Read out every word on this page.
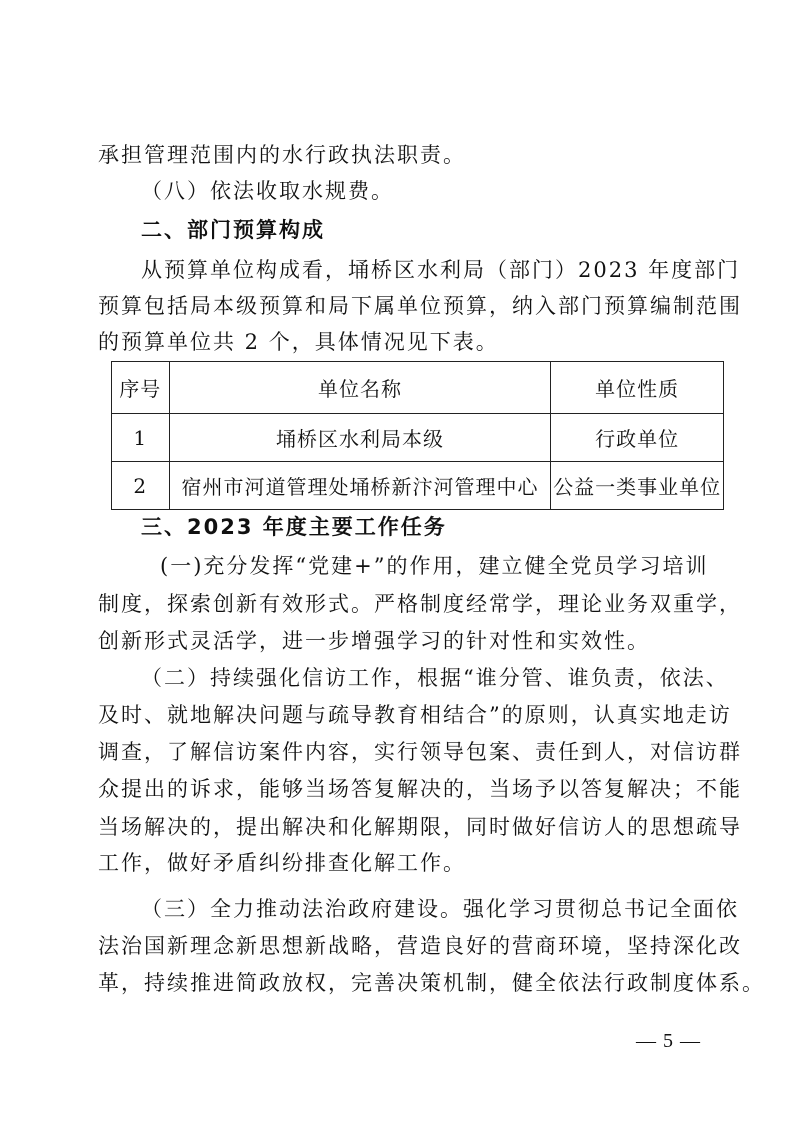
承担管理范围内的水行政执法职责。
（八）依法收取水规费。
二、部门预算构成
从预算单位构成看，埇桥区水利局（部门）2023 年度部门
预算包括局本级预算和局下属单位预算，纳入部门预算编制范围
的预算单位共 2 个，具体情况见下表。
序号	单位名称	单位性质
1	埇桥区水利局本级	行政单位
2	宿州市河道管理处埇桥新汴河管理中心	公益一类事业单位
三、2023 年度主要工作任务
(一)充分发挥“党建+”的作用，建立健全党员学习培训
制度，探索创新有效形式。严格制度经常学，理论业务双重学，
创新形式灵活学，进一步增强学习的针对性和实效性。
（二）持续强化信访工作，根据“谁分管、谁负责，依法、
及时、就地解决问题与疏导教育相结合”的原则，认真实地走访
调查，了解信访案件内容，实行领导包案、责任到人，对信访群
众提出的诉求，能够当场答复解决的，当场予以答复解决；不能
当场解决的，提出解决和化解期限，同时做好信访人的思想疏导
工作，做好矛盾纠纷排查化解工作。
（三）全力推动法治政府建设。强化学习贯彻总书记全面依
法治国新理念新思想新战略，营造良好的营商环境，坚持深化改
革，持续推进简政放权，完善决策机制，健全依法行政制度体系。
— 5 —
